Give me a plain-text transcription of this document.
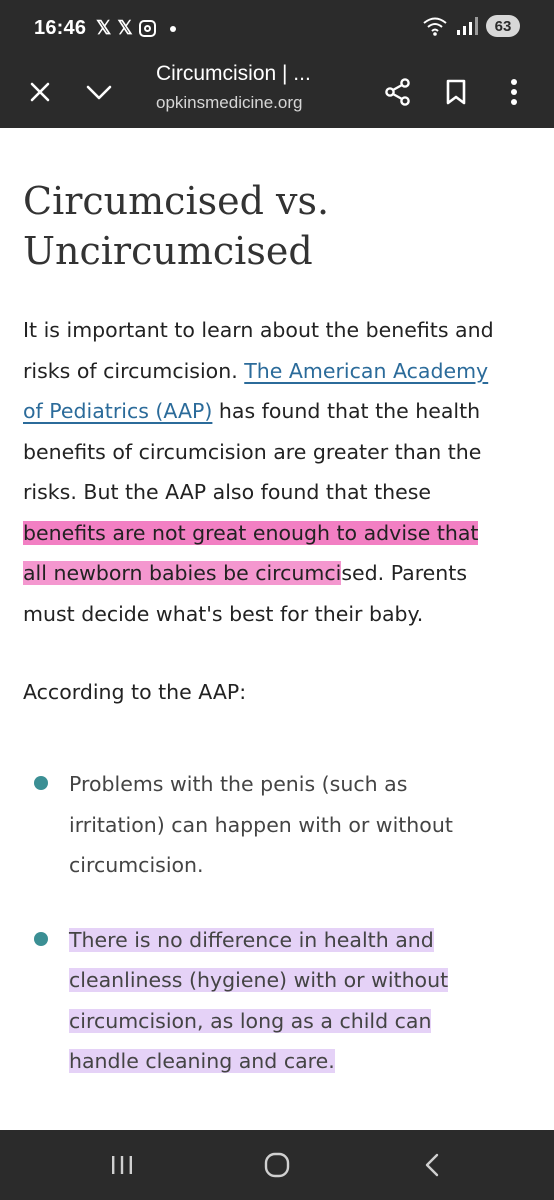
16:46 𝕏 𝕏	63
Circumcision | ...
opkinsmedicine.org
Circumcised vs.
Uncircumcised
It is important to learn about the benefits and
risks of circumcision. The American Academy
of Pediatrics (AAP) has found that the health
benefits of circumcision are greater than the
risks. But the AAP also found that these
benefits are not great enough to advise that
all newborn babies be circumcised. Parents
must decide what's best for their baby.
According to the AAP:
Problems with the penis (such as
irritation) can happen with or without
circumcision.
There is no difference in health and
cleanliness (hygiene) with or without
circumcision, as long as a child can
handle cleaning and care.
